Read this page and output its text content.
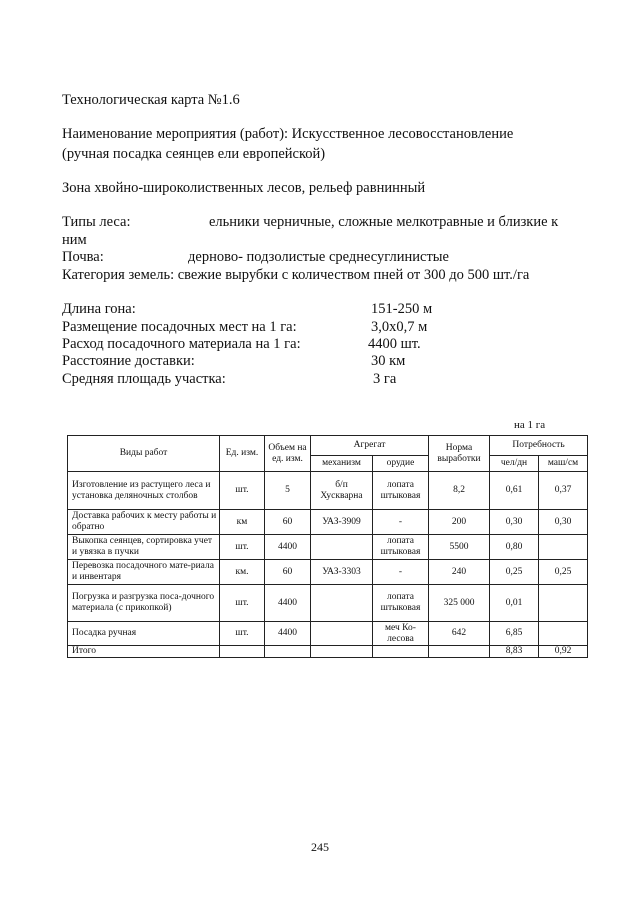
Технологическая карта №1.6
Наименование мероприятия (работ): Искусственное лесовосстановление
(ручная посадка сеянцев ели европейской)
Зона хвойно-широколиственных лесов, рельеф равнинный
Типы леса:	ельники черничные, сложные мелкотравные и близкие к
ним
Почва:	дерново- подзолистые среднесуглинистые
Категория земель: свежие вырубки с количеством пней от 300 до 500 шт./га
Длина гона:	151-250 м
Размещение посадочных мест на 1 га:	3,0х0,7 м
Расход посадочного материала на 1 га:	4400 шт.
Расстояние доставки:	30 км
Средняя площадь участка:	3 га
на 1 га
Виды работ	Ед. изм.	Объем на ед. изм.	Агрегат		Норма выработки	Потребность	
			механизм	орудие		чел/дн	маш/см
Изготовление из растущего леса и установка деляночных столбов	шт.	5	б/п Хускварна	лопата штыковая	8,2	0,61	0,37
Доставка рабочих к месту работы и обратно	км	60	УАЗ-3909	-	200	0,30	0,30
Выкопка сеянцев, сортировка учет и увязка в пучки	шт.	4400		лопата штыковая	5500	0,80	
Перевозка посадочного мате-риала и инвентаря	км.	60	УАЗ-3303	-	240	0,25	0,25
Погрузка и разгрузка поса-дочного материала (с прикопкой)	шт.	4400		лопата штыковая	325 000	0,01	
Посадка ручная	шт.	4400		меч Ко-лесова	642	6,85	
Итого						8,83	0,92
245
